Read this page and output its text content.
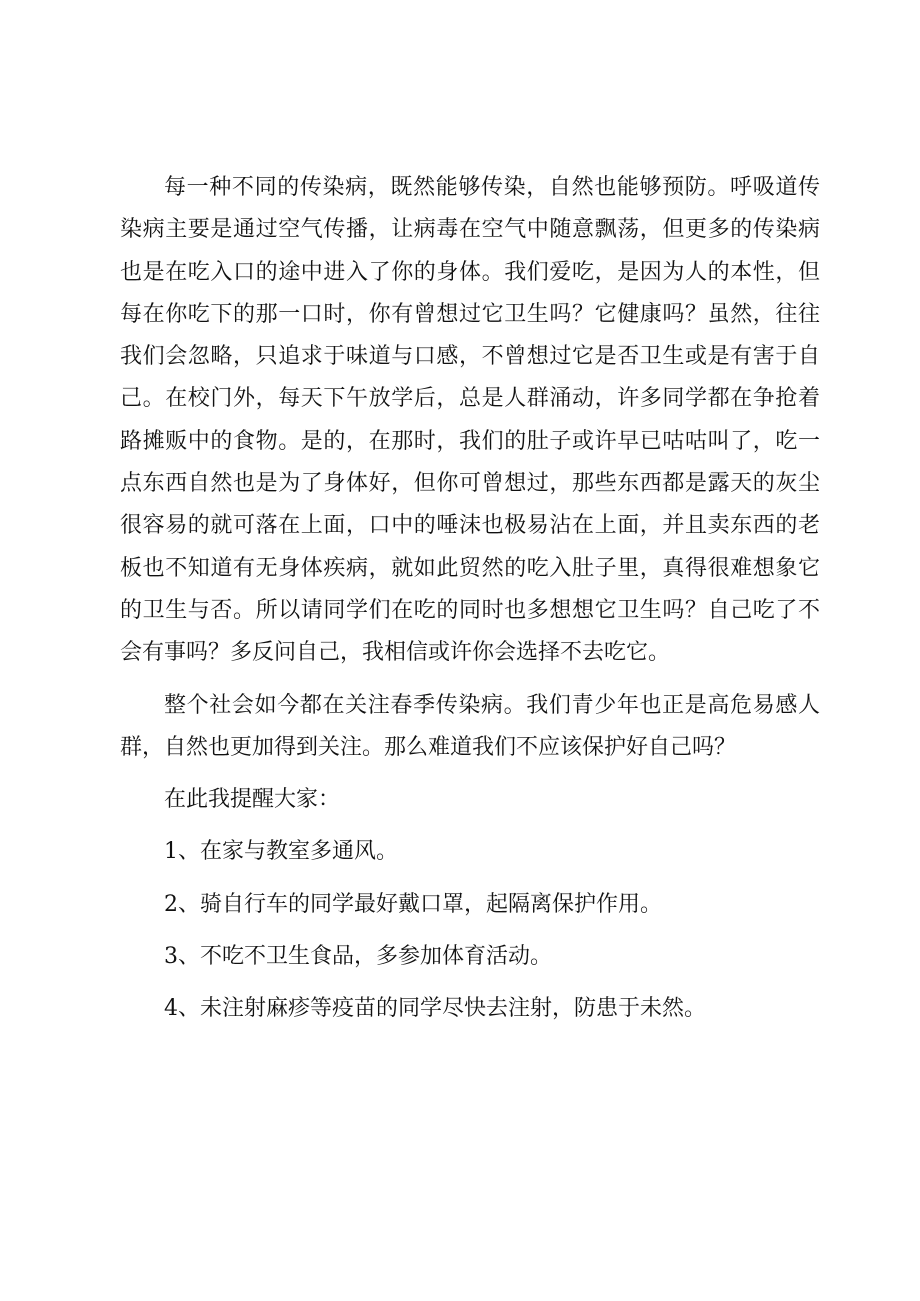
每一种不同的传染病，既然能够传染，自然也能够预防。呼吸道传染病主要是通过空气传播，让病毒在空气中随意飘荡，但更多的传染病也是在吃入口的途中进入了你的身体。我们爱吃，是因为人的本性，但每在你吃下的那一口时，你有曾想过它卫生吗？它健康吗？虽然，往往我们会忽略，只追求于味道与口感，不曾想过它是否卫生或是有害于自己。在校门外，每天下午放学后，总是人群涌动，许多同学都在争抢着路摊贩中的食物。是的，在那时，我们的肚子或许早已咕咕叫了，吃一点东西自然也是为了身体好，但你可曾想过，那些东西都是露天的灰尘很容易的就可落在上面，口中的唾沫也极易沾在上面，并且卖东西的老板也不知道有无身体疾病，就如此贸然的吃入肚子里，真得很难想象它的卫生与否。所以请同学们在吃的同时也多想想它卫生吗？自己吃了不会有事吗？多反问自己，我相信或许你会选择不去吃它。

整个社会如今都在关注春季传染病。我们青少年也正是高危易感人群，自然也更加得到关注。那么难道我们不应该保护好自己吗？

在此我提醒大家：

1、在家与教室多通风。

2、骑自行车的同学最好戴口罩，起隔离保护作用。

3、不吃不卫生食品，多参加体育活动。

4、未注射麻疹等疫苗的同学尽快去注射，防患于未然。
